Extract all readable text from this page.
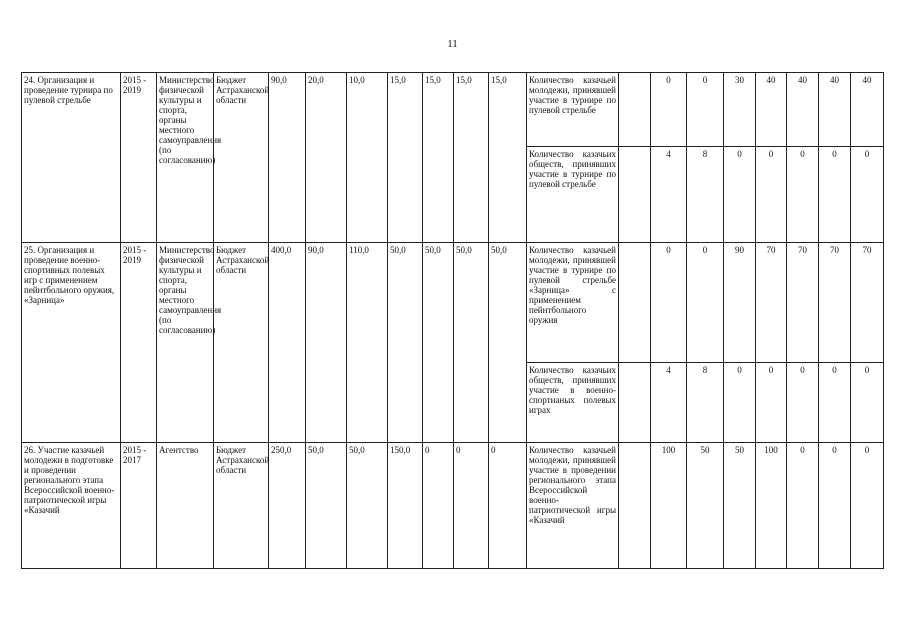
11
24. Организация и проведение турнира по пулевой стрельбе	2015 - 2019	Министерство физической культуры и спорта, органы местного самоуправления (по согласованию)	Бюджет Астраханской области	90,0	20,0	10,0	15,0	15,0	15,0	15,0	Количество казачьей молодежи, принявшей участие в турнире по пулевой стрельбе		0	0	30	40	40	40	40
											Количество казачьих обществ, принявших участие в турнире по пулевой стрельбе		4	8	0	0	0	0	0
25. Организация и проведение военно-спортивных полевых игр с применением пейнтбольного оружия, «Зарница»	2015 - 2019	Министерство физической культуры и спорта, органы местного самоуправления (по согласованию)	Бюджет Астраханской области	400,0	90,0	110,0	50,0	50,0	50,0	50,0	Количество казачьей молодежи, принявшей участие в турнире по пулевой стрельбе «Зарница» с применением пейнтбольного оружия		0	0	90	70	70	70	70
											Количество казачьих обществ, принявших участие в военно-спортианых полевых играх		4	8	0	0	0	0	0
26. Участие казачьей молодежи в подготовке и проведении регионального этапа Всероссийской военно-патриотической игры «Казачий	2015 - 2017	Агентство	Бюджет Астраханской области	250,0	50,0	50,0	150,0	0	0	0	Количество казачьей молодежи, принявшей участие в проведении регионального этапа Всероссийской военно-патриотической игры «Казачий		100	50	50	100	0	0	0
